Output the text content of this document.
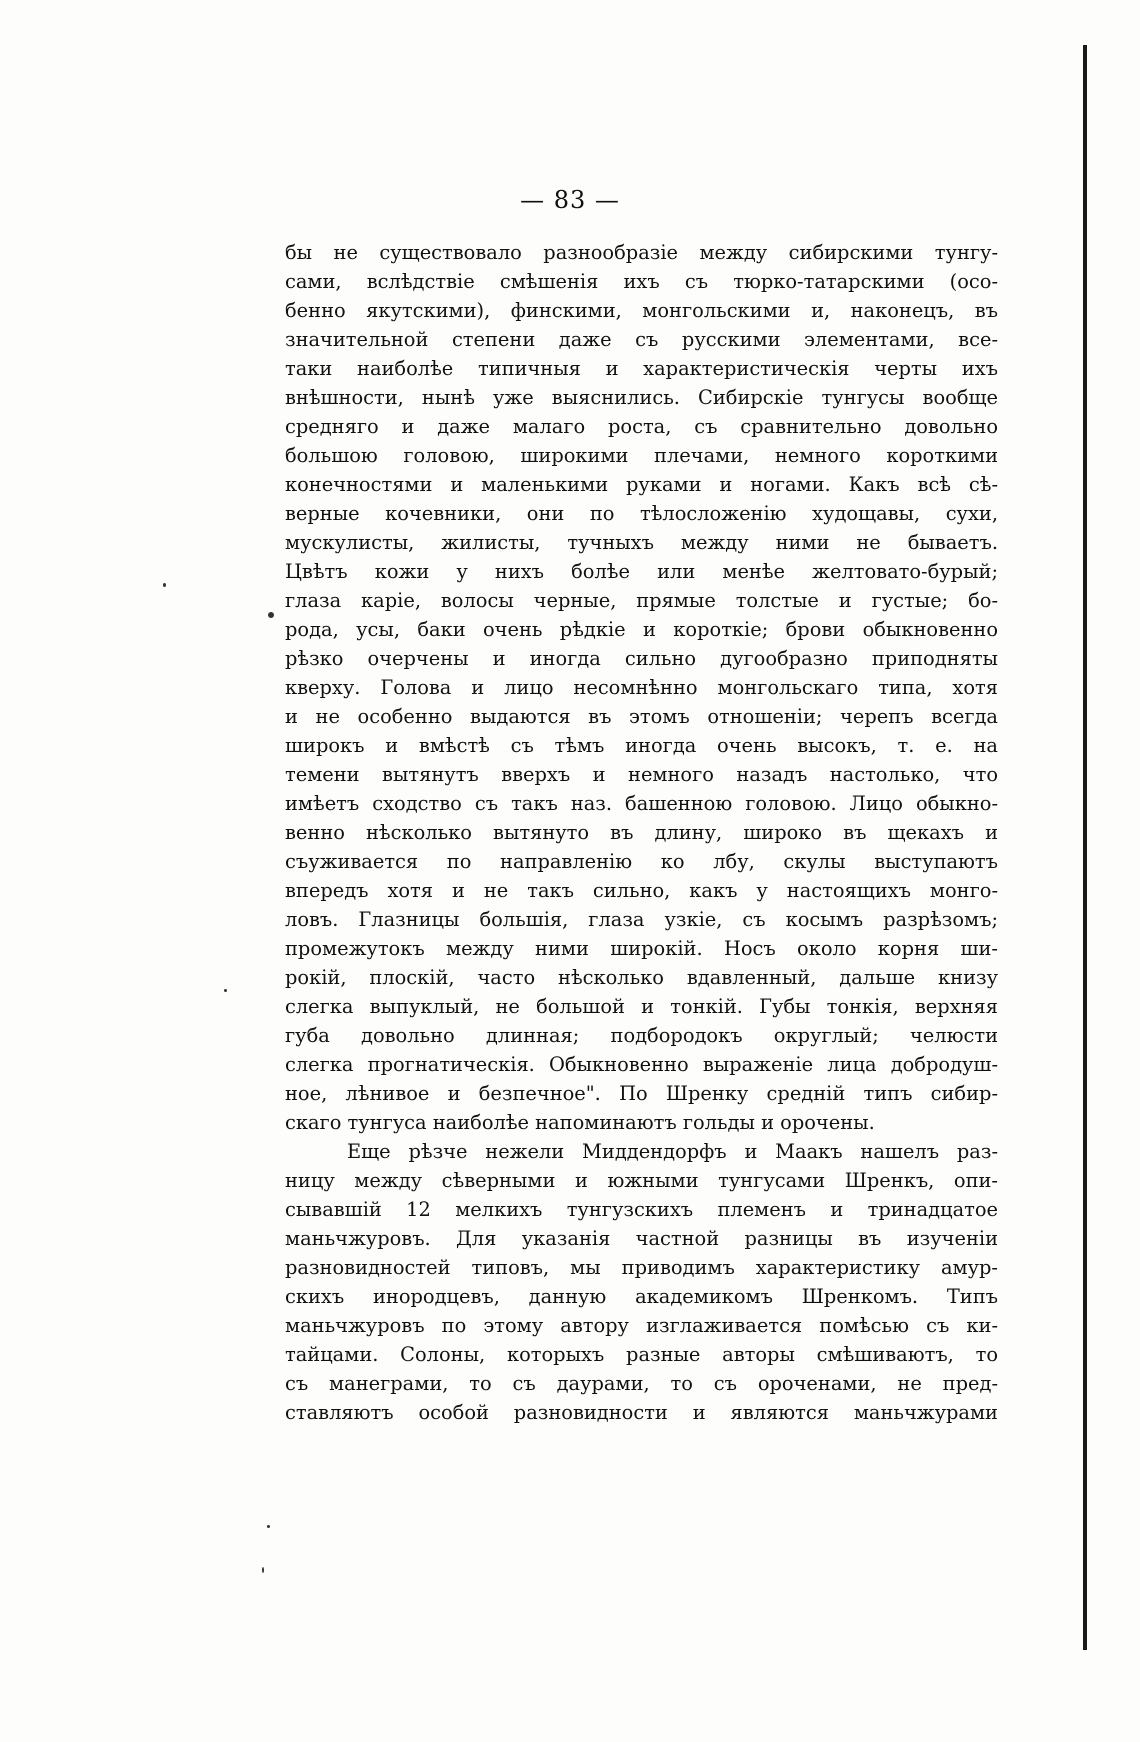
— 83 —
бы не существовало разнообразіе между сибирскими тунгу-
сами, вслѣдствіе смѣшенія ихъ съ тюрко-татарскими (осо-
бенно якутскими), финскими, монгольскими и, наконецъ, въ
значительной степени даже съ русскими элементами, все-
таки наиболѣе типичныя и характеристическія черты ихъ
внѣшности, нынѣ уже выяснились. Сибирскіе тунгусы вообще
средняго и даже малаго роста, съ сравнительно довольно
большою головою, широкими плечами, немного короткими
конечностями и маленькими руками и ногами. Какъ всѣ сѣ-
верные кочевники, они по тѣлосложенію худощавы, сухи,
мускулисты, жилисты, тучныхъ между ними не бываетъ.
Цвѣтъ кожи у нихъ болѣе или менѣе желтовато-бурый;
глаза каріе, волосы черные, прямые толстые и густые; бо-
рода, усы, баки очень рѣдкіе и короткіе; брови обыкновенно
рѣзко очерчены и иногда сильно дугообразно приподняты
кверху. Голова и лицо несомнѣнно монгольскаго типа, хотя
и не особенно выдаются въ этомъ отношеніи; черепъ всегда
широкъ и вмѣстѣ съ тѣмъ иногда очень высокъ, т. е. на
темени вытянутъ вверхъ и немного назадъ настолько, что
имѣетъ сходство съ такъ наз. башенною головою. Лицо обыкно-
венно нѣсколько вытянуто въ длину, широко въ щекахъ и
съуживается по направленію ко лбу, скулы выступаютъ
впередъ хотя и не такъ сильно, какъ у настоящихъ монго-
ловъ. Глазницы большія, глаза узкіе, съ косымъ разрѣзомъ;
промежутокъ между ними широкій. Носъ около корня ши-
рокій, плоскій, часто нѣсколько вдавленный, дальше книзу
слегка выпуклый, не большой и тонкій. Губы тонкія, верхняя
губа довольно длинная; подбородокъ округлый; челюсти
слегка прогнатическія. Обыкновенно выраженіе лица добродуш-
ное, лѣнивое и безпечное". По Шренку средній типъ сибир-
скаго тунгуса наиболѣе напоминаютъ гольды и орочены.
Еще рѣзче нежели Миддендорфъ и Маакъ нашелъ раз-
ницу между сѣверными и южными тунгусами Шренкъ, опи-
сывавшій 12 мелкихъ тунгузскихъ племенъ и тринадцатое
маньчжуровъ. Для указанія частной разницы въ изученіи
разновидностей типовъ, мы приводимъ характеристику амур-
скихъ инородцевъ, данную академикомъ Шренкомъ. Типъ
маньчжуровъ по этому автору изглаживается помѣсью съ ки-
тайцами. Солоны, которыхъ разные авторы смѣшиваютъ, то
съ манеграми, то съ даурами, то съ ороченами, не пред-
ставляютъ особой разновидности и являются маньчжурами
